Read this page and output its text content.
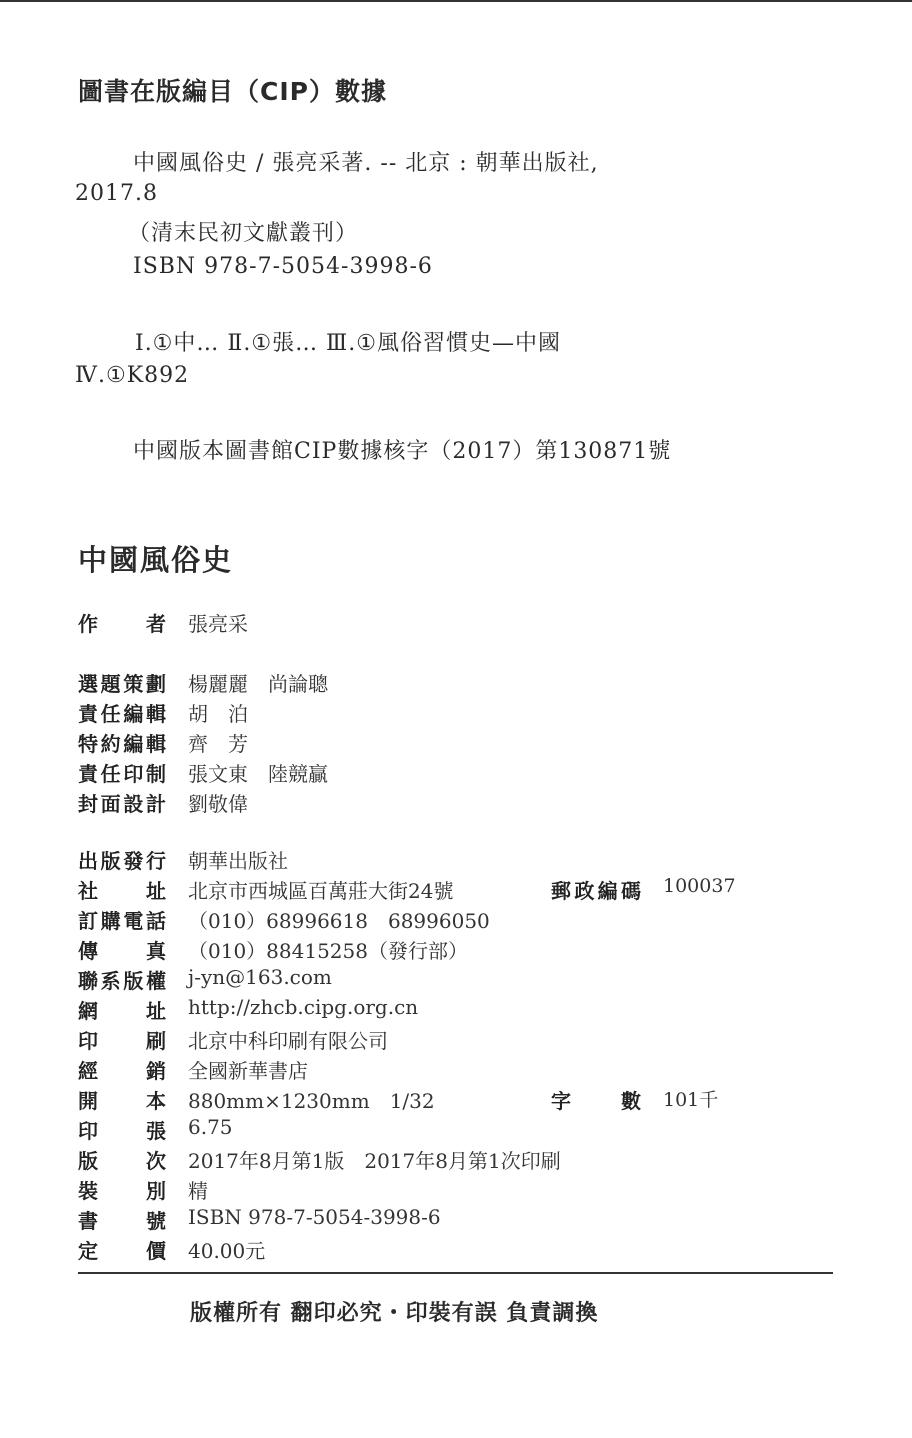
圖書在版編目（CIP）數據
中國風俗史 / 張亮采著. -- 北京 : 朝華出版社,
2017.8
（清末民初文獻叢刊）
ISBN 978-7-5054-3998-6
Ⅰ.①中… Ⅱ.①張… Ⅲ.①風俗習慣史—中國
Ⅳ.①K892
中國版本圖書館CIP數據核字（2017）第130871號
中國風俗史
作 者 張亮采
選 題 策 劃 楊麗麗　尚論聰
責 任 編 輯 胡　泊
特 約 編 輯 齊　芳
責 任 印 制 張文東　陸競贏
封 面 設 計 劉敬偉
出 版 發 行 朝華出版社
社 址 北京市西城區百萬莊大街24號	郵 政 編 碼 100037
訂 購 電 話 （010）68996618　68996050
傳 真 （010）88415258（發行部）
聯 系 版 權 j-yn@163.com
網 址 http://zhcb.cipg.org.cn
印 刷 北京中科印刷有限公司
經 銷 全國新華書店
開 本 880mm×1230mm　1/32	字	數 101千
印 張 6.75
版 次 2017年8月第1版　2017年8月第1次印刷
裝 別 精
書 號 ISBN 978-7-5054-3998-6
定 價 40.00元
版權所有 翻印必究・印裝有誤 負責調換
